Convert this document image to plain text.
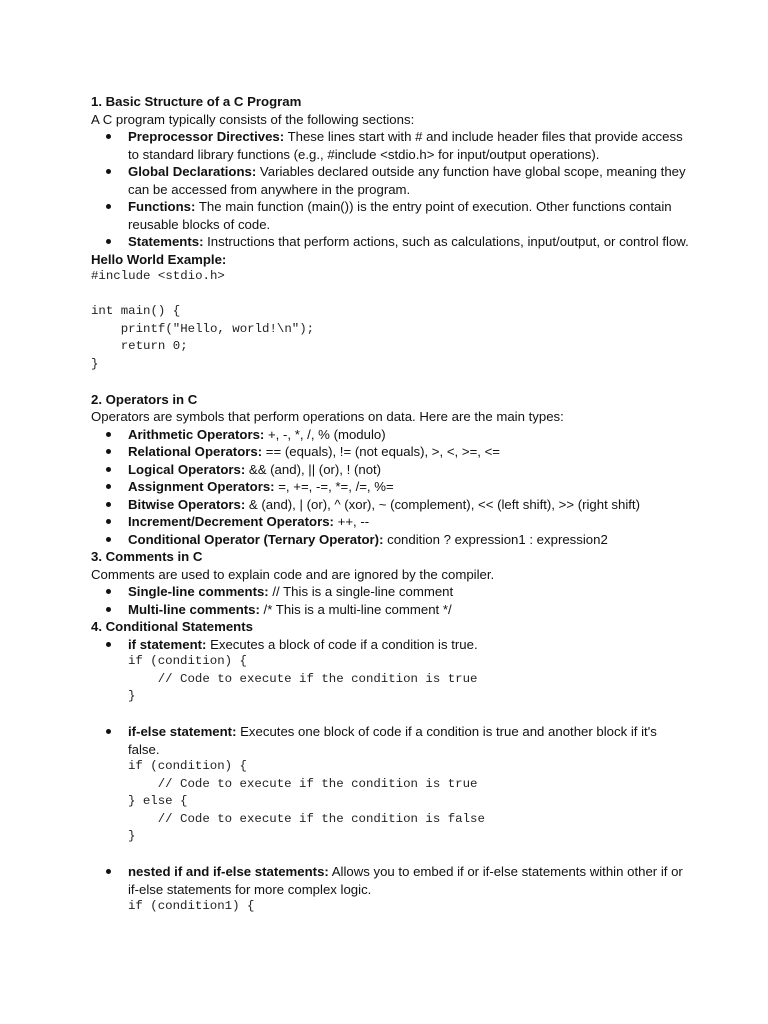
1. Basic Structure of a C Program
A C program typically consists of the following sections:
Preprocessor Directives: These lines start with # and include header files that provide access to standard library functions (e.g., #include <stdio.h> for input/output operations).
Global Declarations: Variables declared outside any function have global scope, meaning they can be accessed from anywhere in the program.
Functions: The main function (main()) is the entry point of execution. Other functions contain reusable blocks of code.
Statements: Instructions that perform actions, such as calculations, input/output, or control flow.
Hello World Example:
#include <stdio.h>

int main() {
printf("Hello, world!\n");
return 0;
}
2. Operators in C
Operators are symbols that perform operations on data. Here are the main types:
Arithmetic Operators: +, -, *, /, % (modulo)
Relational Operators: == (equals), != (not equals), >, <, >=, <=
Logical Operators: && (and), || (or), ! (not)
Assignment Operators: =, +=, -=, *=, /=, %=
Bitwise Operators: & (and), | (or), ^ (xor), ~ (complement), << (left shift), >> (right shift)
Increment/Decrement Operators: ++, --
Conditional Operator (Ternary Operator): condition ? expression1 : expression2
3. Comments in C
Comments are used to explain code and are ignored by the compiler.
Single-line comments: // This is a single-line comment
Multi-line comments: /* This is a multi-line comment */
4. Conditional Statements
if statement: Executes a block of code if a condition is true.
if (condition) {
// Code to execute if the condition is true
}
if-else statement: Executes one block of code if a condition is true and another block if it's false.
if (condition) {
// Code to execute if the condition is true
} else {
// Code to execute if the condition is false
}
nested if and if-else statements: Allows you to embed if or if-else statements within other if or if-else statements for more complex logic.
if (condition1) {
